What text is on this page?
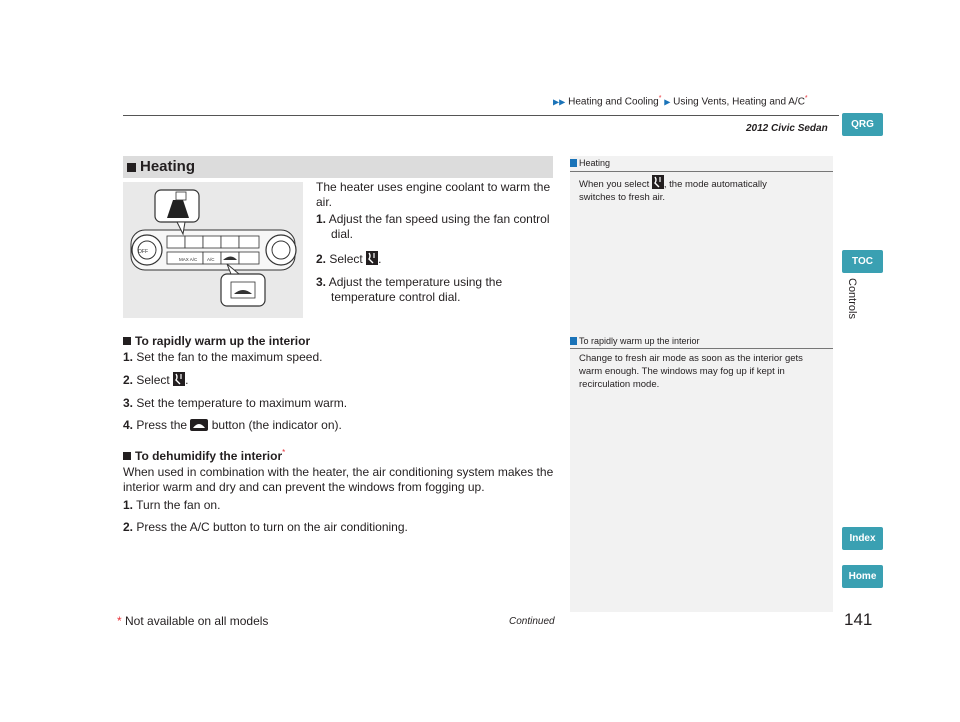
▶▶ Heating and Cooling* ▶ Using Vents, Heating and A/C*
2012 Civic Sedan	QRG
TOC
Controls
Index
Home
Heating
OFF
MAX A/C A/C
The heater uses engine coolant to warm the
air.
1. Adjust the fan speed using the fan control
dial.
2. Select .
3. Adjust the temperature using the
temperature control dial.
To rapidly warm up the interior
1. Set the fan to the maximum speed.
2. Select .
3. Set the temperature to maximum warm.
4. Press the button (the indicator on).
To dehumidify the interior*
When used in combination with the heater, the air conditioning system makes the
interior warm and dry and can prevent the windows from fogging up.
1. Turn the fan on.
2. Press the A/C button to turn on the air conditioning.
Heating
When you select , the mode automatically
switches to fresh air.
To rapidly warm up the interior
Change to fresh air mode as soon as the interior gets
warm enough. The windows may fog up if kept in
recirculation mode.
* Not available on all models	Continued	141
